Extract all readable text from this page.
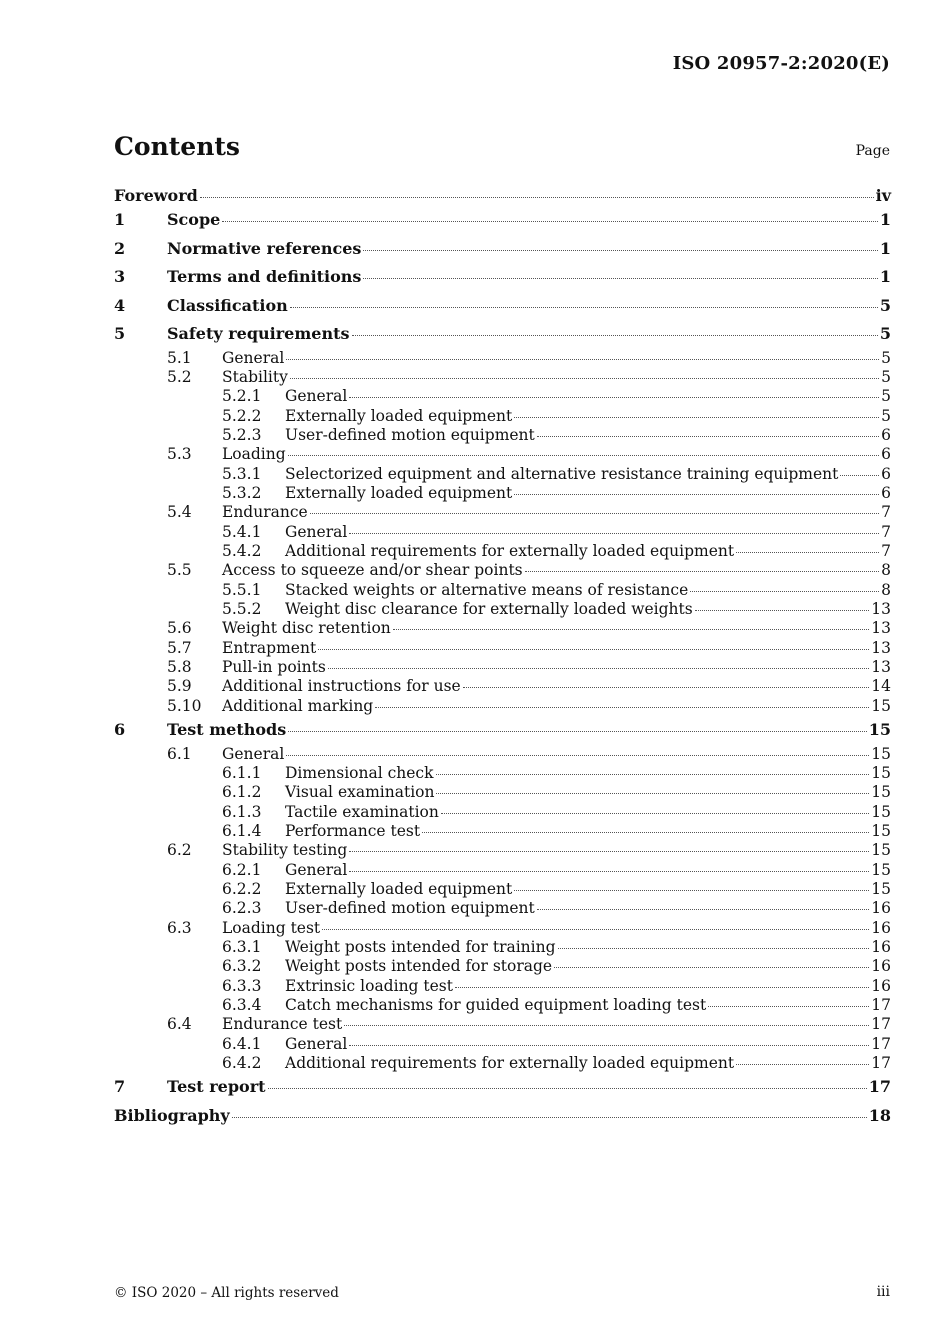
ISO 20957-2:2020(E)
Contents	Page
Foreword	iv
1	Scope	1
2	Normative references	1
3	Terms and definitions	1
4	Classification	5
5	Safety requirements	5
5.1	General	5
5.2	Stability	5
5.2.1	General	5
5.2.2	Externally loaded equipment	5
5.2.3	User-defined motion equipment	6
5.3	Loading	6
5.3.1	Selectorized equipment and alternative resistance training equipment	6
5.3.2	Externally loaded equipment	6
5.4	Endurance	7
5.4.1	General	7
5.4.2	Additional requirements for externally loaded equipment	7
5.5	Access to squeeze and/or shear points	8
5.5.1	Stacked weights or alternative means of resistance	8
5.5.2	Weight disc clearance for externally loaded weights	13
5.6	Weight disc retention	13
5.7	Entrapment	13
5.8	Pull-in points	13
5.9	Additional instructions for use	14
5.10	Additional marking	15
6	Test methods	15
6.1	General	15
6.1.1	Dimensional check	15
6.1.2	Visual examination	15
6.1.3	Tactile examination	15
6.1.4	Performance test	15
6.2	Stability testing	15
6.2.1	General	15
6.2.2	Externally loaded equipment	15
6.2.3	User-defined motion equipment	16
6.3	Loading test	16
6.3.1	Weight posts intended for training	16
6.3.2	Weight posts intended for storage	16
6.3.3	Extrinsic loading test	16
6.3.4	Catch mechanisms for guided equipment loading test	17
6.4	Endurance test	17
6.4.1	General	17
6.4.2	Additional requirements for externally loaded equipment	17
7	Test report	17
Bibliography	18
© ISO 2020 – All rights reserved	iii
